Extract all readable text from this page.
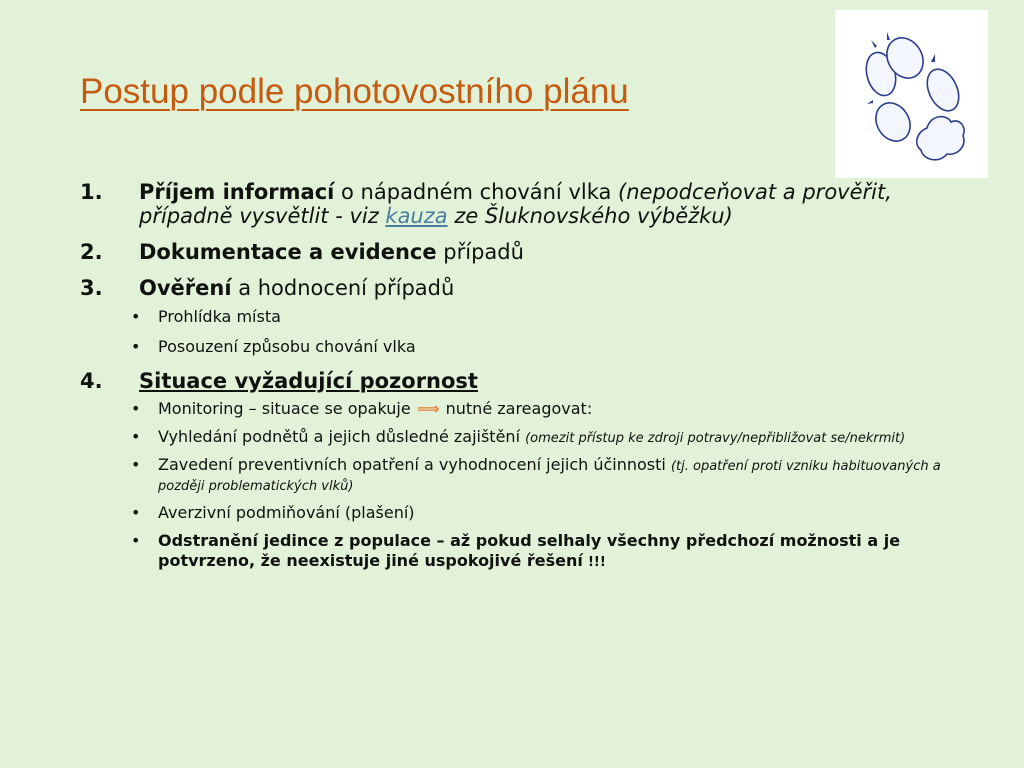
Postup podle pohotovostního plánu
1.	Příjem informací o nápadném chování vlka (nepodceňovat a prověřit, případně vysvětlit - viz kauza ze Šluknovského výběžku)
2.	Dokumentace a evidence případů
3.	Ověření a hodnocení případů
•	Prohlídka místa
•	Posouzení způsobu chování vlka
4.	Situace vyžadující pozornost
•	Monitoring – situace se opakuje ⟹ nutné zareagovat:
•	Vyhledání podnětů a jejich důsledné zajištění (omezit přístup ke zdroji potravy/nepřibližovat se/nekrmit)
•	Zavedení preventivních opatření a vyhodnocení jejich účinnosti (tj. opatření proti vzniku habituovaných a později problematických vlků)
•	Averzivní podmiňování (plašení)
•	Odstranění jedince z populace – až pokud selhaly všechny předchozí možnosti a je potvrzeno, že neexistuje jiné uspokojivé řešení !!!
